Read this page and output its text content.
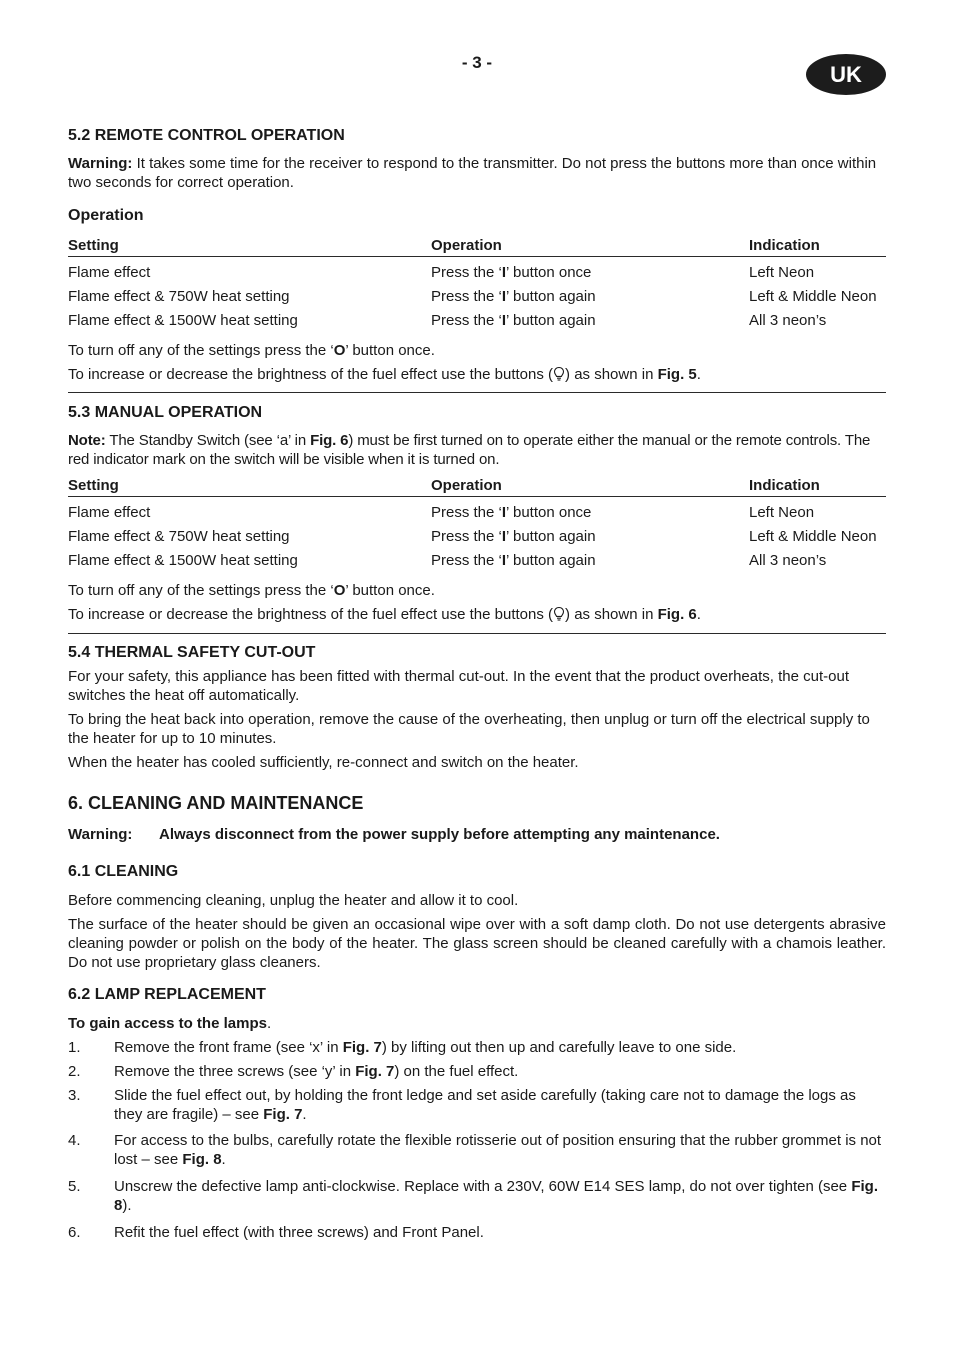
- 3 -	UK
5.2 REMOTE CONTROL OPERATION
Warning: It takes some time for the receiver to respond to the transmitter. Do not press the buttons more than once within two seconds for correct operation.
Operation
Setting	Operation	Indication
Flame effect	Press the ‘I’ button once	Left Neon
Flame effect & 750W heat setting	Press the ‘I’ button again	Left & Middle Neon
Flame effect & 1500W heat setting	Press the ‘I’ button again	All 3 neon’s
To turn off any of the settings press the ‘O’ button once.
To increase or decrease the brightness of the fuel effect use the buttons ( ) as shown in Fig. 5.
5.3 MANUAL OPERATION
Note: The Standby Switch (see ‘a’ in Fig. 6) must be first turned on to operate either the manual or the remote controls. The red indicator mark on the switch will be visible when it is turned on.
Setting	Operation	Indication
Flame effect	Press the ‘I’ button once	Left Neon
Flame effect & 750W heat setting	Press the ‘I’ button again	Left & Middle Neon
Flame effect & 1500W heat setting	Press the ‘I’ button again	All 3 neon’s
To turn off any of the settings press the ‘O’ button once.
To increase or decrease the brightness of the fuel effect use the buttons ( ) as shown in Fig. 6.
5.4 THERMAL SAFETY CUT-OUT
For your safety, this appliance has been fitted with thermal cut-out. In the event that the product overheats, the cut-out switches the heat off automatically.
To bring the heat back into operation, remove the cause of the overheating, then unplug or turn off the electrical supply to the heater for up to 10 minutes.
When the heater has cooled sufficiently, re-connect and switch on the heater.
6. CLEANING AND MAINTENANCE
Warning: Always disconnect from the power supply before attempting any maintenance.
6.1 CLEANING
Before commencing cleaning, unplug the heater and allow it to cool.
The surface of the heater should be given an occasional wipe over with a soft damp cloth. Do not use detergents abrasive cleaning powder or polish on the body of the heater. The glass screen should be cleaned carefully with a chamois leather. Do not use proprietary glass cleaners.
6.2 LAMP REPLACEMENT
To gain access to the lamps.
1. Remove the front frame (see ‘x’ in Fig. 7) by lifting out then up and carefully leave to one side.
2. Remove the three screws (see ‘y’ in Fig. 7) on the fuel effect.
3. Slide the fuel effect out, by holding the front ledge and set aside carefully (taking care not to damage the logs as they are fragile) – see Fig. 7.
4. For access to the bulbs, carefully rotate the flexible rotisserie out of position ensuring that the rubber grommet is not lost – see Fig. 8.
5. Unscrew the defective lamp anti-clockwise. Replace with a 230V, 60W E14 SES lamp, do not over tighten (see Fig. 8).
6. Refit the fuel effect (with three screws) and Front Panel.
